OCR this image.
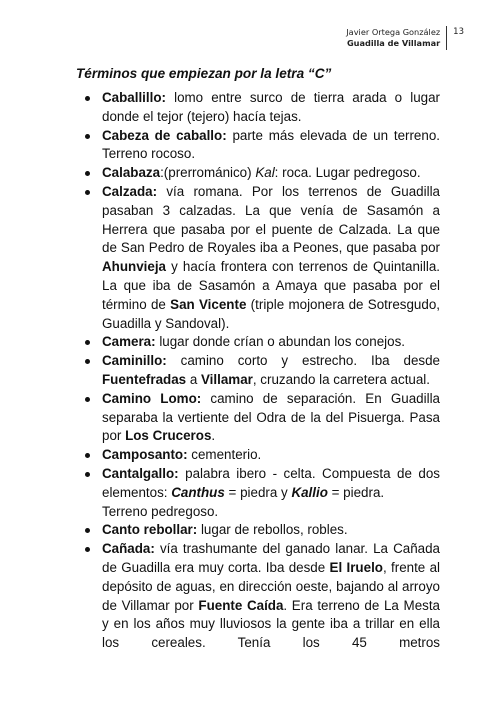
Javier Ortega González
Guadilla de Villamar
13
Términos que empiezan por la letra “C”
Caballillo: lomo entre surco de tierra arada o lugar donde el tejor (tejero) hacía tejas.
Cabeza de caballo: parte más elevada de un terreno. Terreno rocoso.
Calabaza:(prerrománico) Kal: roca. Lugar pedregoso.
Calzada: vía romana. Por los terrenos de Guadilla pasaban 3 calzadas. La que venía de Sasamón a Herrera que pasaba por el puente de Calzada. La que de San Pedro de Royales iba a Peones, que pasaba por Ahunvieja y hacía frontera con terrenos de Quintanilla. La que iba de Sasamón a Amaya que pasaba por el término de San Vicente (triple mojonera de Sotresgudo, Guadilla y Sandoval).
Camera: lugar donde crían o abundan los conejos.
Caminillo: camino corto y estrecho. Iba desde Fuentefradas a Villamar, cruzando la carretera actual.
Camino Lomo: camino de separación. En Guadilla separaba la vertiente del Odra de la del Pisuerga. Pasa por Los Cruceros.
Camposanto: cementerio.
Cantalgallo: palabra ibero - celta. Compuesta de dos elementos: Canthus = piedra y Kallio = piedra.
Terreno pedregoso.
Canto rebollar: lugar de rebollos, robles.
Cañada: vía trashumante del ganado lanar. La Cañada de Guadilla era muy corta. Iba desde El Iruelo, frente al depósito de aguas, en dirección oeste, bajando al arroyo de Villamar por Fuente Caída. Era terreno de La Mesta y en los años muy lluviosos la gente iba a trillar en ella los cereales. Tenía los 45 metros
